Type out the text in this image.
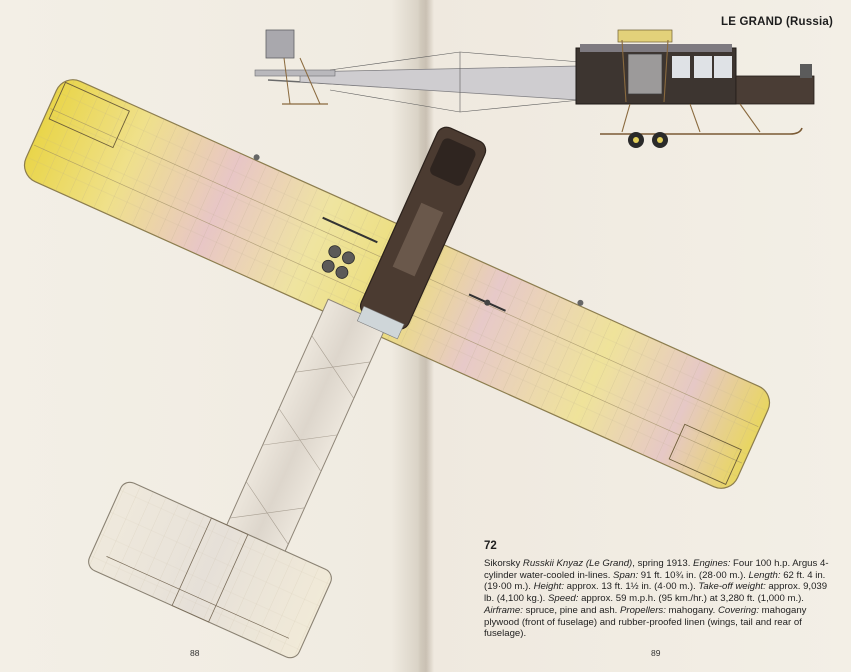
LE GRAND (Russia)
72
Sikorsky Russkii Knyaz (Le Grand), spring 1913. Engines: Four 100 h.p. Argus 4-cylinder water-cooled in-lines. Span: 91 ft. 10¾ in. (28·00 m.). Length: 62 ft. 4 in. (19·00 m.). Height: approx. 13 ft. 1½ in. (4·00 m.). Take-off weight: approx. 9,039 lb. (4,100 kg.). Speed: approx. 59 m.p.h. (95 km./hr.) at 3,280 ft. (1,000 m.). Airframe: spruce, pine and ash. Propellers: mahogany. Covering: mahogany plywood (front of fuselage) and rubber-proofed linen (wings, tail and rear of fuselage).
88	89
